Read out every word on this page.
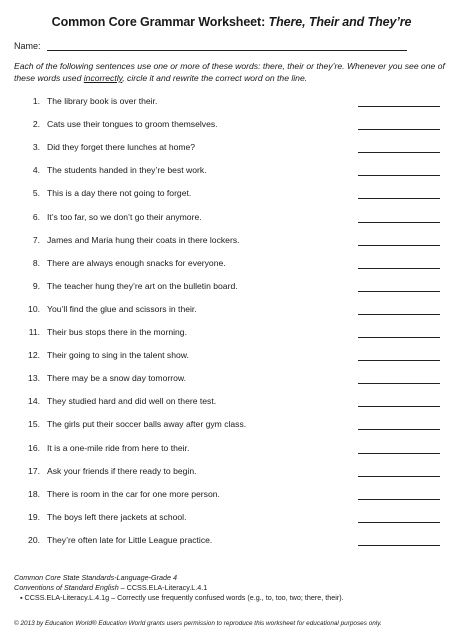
Common Core Grammar Worksheet: There, Their and They’re
Name:
Each of the following sentences use one or more of these words: there, their or they’re. Whenever you see one of these words used incorrectly, circle it and rewrite the correct word on the line.
1. The library book is over their.
2. Cats use their tongues to groom themselves.
3. Did they forget there lunches at home?
4. The students handed in they’re best work.
5. This is a day there not going to forget.
6. It’s too far, so we don’t go their anymore.
7. James and Maria hung their coats in there lockers.
8. There are always enough snacks for everyone.
9. The teacher hung they’re art on the bulletin board.
10. You’ll find the glue and scissors in their.
11. Their bus stops there in the morning.
12. Their going to sing in the talent show.
13. There may be a snow day tomorrow.
14. They studied hard and did well on there test.
15. The girls put their soccer balls away after gym class.
16. It is a one-mile ride from here to their.
17. Ask your friends if there ready to begin.
18. There is room in the car for one more person.
19. The boys left there jackets at school.
20. They’re often late for Little League practice.
Common Core State Standards-Language-Grade 4
Conventions of Standard English – CCSS.ELA-Literacy.L.4.1
▪ CCSS.ELA-Literacy.L.4.1g – Correctly use frequently confused words (e.g., to, too, two; there, their).
© 2013 by Education World® Education World grants users permission to reproduce this worksheet for educational purposes only.
